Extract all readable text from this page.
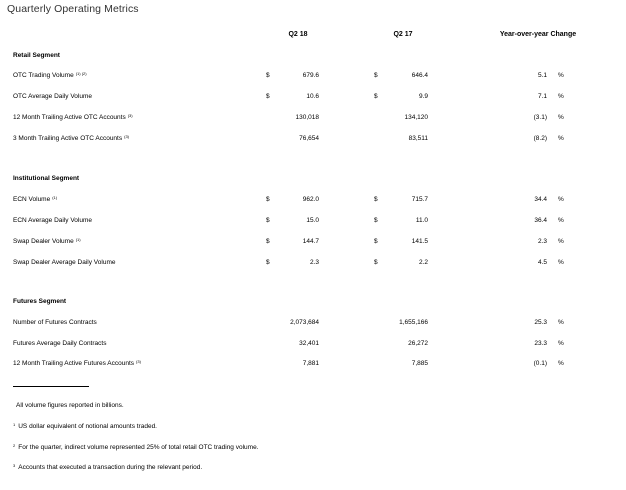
Quarterly Operating Metrics
Q2 18	Q2 17	Year-over-year Change
Retail Segment
OTC Trading Volume $^{(1) (2)}$	$	679.6	$	646.4	5.1 %
OTC Average Daily Volume	$	10.6	$	9.9	7.1 %
12 Month Trailing Active OTC Accounts $^{(3)}$	130,018	134,120	(3.1) %
3 Month Trailing Active OTC Accounts $^{(3)}$	76,654	83,511	(8.2) %
Institutional Segment
ECN Volume $^{(1)}$	$	962.0	$	715.7	34.4 %
ECN Average Daily Volume	$	15.0	$	11.0	36.4 %
Swap Dealer Volume $^{(1)}$	$	144.7	$	141.5	2.3 %
Swap Dealer Average Daily Volume	$	2.3	$	2.2	4.5 %
Futures Segment
Number of Futures Contracts	2,073,684	1,655,166	25.3 %
Futures Average Daily Contracts	32,401	26,272	23.3 %
12 Month Trailing Active Futures Accounts $^{(3)}$	7,881	7,885	(0.1) %
All volume figures reported in billions.
$^1$ US dollar equivalent of notional amounts traded.
$^2$ For the quarter, indirect volume represented 25% of total retail OTC trading volume.
$^3$ Accounts that executed a transaction during the relevant period.
